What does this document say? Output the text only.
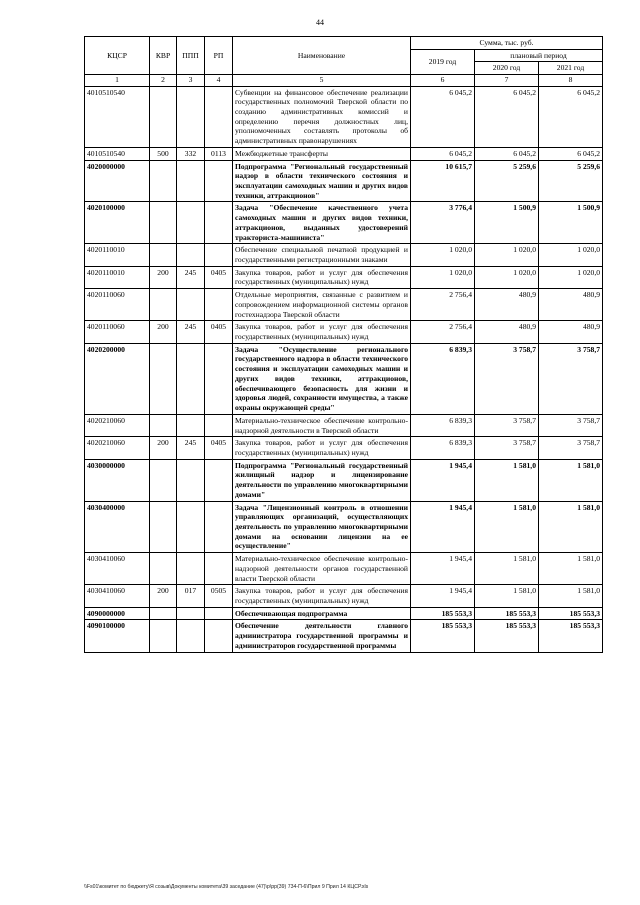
44
КЦСР	КВР	ППП	РП	Наименование	Сумма, тыс. руб.		
					2019 год	плановый период	
						2020 год	2021 год
1	2	3	4	5	6	7	8
4010510540				Субвенции на финансовое обеспечение реализации государственных полномочий Тверской области по созданию административных комиссий и определению перечня должностных лиц, уполномоченных составлять протоколы об административных правонарушениях	6 045,2	6 045,2	6 045,2
4010510540	500	332	0113	Межбюджетные трансферты	6 045,2	6 045,2	6 045,2
4020000000				Подпрограмма "Региональный государственный надзор в области технического состояния и эксплуатации самоходных машин и других видов техники, аттракционов"	10 615,7	5 259,6	5 259,6
4020100000				Задача "Обеспечение качественного учета самоходных машин и других видов техники, аттракционов, выданных удостоверений тракториста-машиниста"	3 776,4	1 500,9	1 500,9
4020110010				Обеспечение специальной печатной продукцией и государственными регистрационными знаками	1 020,0	1 020,0	1 020,0
4020110010	200	245	0405	Закупка товаров, работ и услуг для обеспечения государственных (муниципальных) нужд	1 020,0	1 020,0	1 020,0
4020110060				Отдельные мероприятия, связанные с развитием и сопровождением информационной системы органов гостехнадзора Тверской области	2 756,4	480,9	480,9
4020110060	200	245	0405	Закупка товаров, работ и услуг для обеспечения государственных (муниципальных) нужд	2 756,4	480,9	480,9
4020200000				Задача "Осуществление регионального государственного надзора в области технического состояния и эксплуатации самоходных машин и других видов техники, аттракционов, обеспечивающего безопасность для жизни и здоровья людей, сохранности имущества, а также охраны окружающей среды"	6 839,3	3 758,7	3 758,7
4020210060				Материально-техническое обеспечение контрольно-надзорной деятельности в Тверской области	6 839,3	3 758,7	3 758,7
4020210060	200	245	0405	Закупка товаров, работ и услуг для обеспечения государственных (муниципальных) нужд	6 839,3	3 758,7	3 758,7
4030000000				Подпрограмма "Региональный государственный жилищный надзор и лицензирование деятельности по управлению многоквартирными домами"	1 945,4	1 581,0	1 581,0
4030400000				Задача "Лицензионный контроль в отношении управляющих организаций, осуществляющих деятельность по управлению многоквартирными домами на основании лицензии на ее осуществление"	1 945,4	1 581,0	1 581,0
4030410060				Материально-техническое обеспечение контрольно-надзорной деятельности органов государственной власти Тверской области	1 945,4	1 581,0	1 581,0
4030410060	200	017	0505	Закупка товаров, работ и услуг для обеспечения государственных (муниципальных) нужд	1 945,4	1 581,0	1 581,0
4090000000				Обеспечивающая подпрограмма	185 553,3	185 553,3	185 553,3
4090100000				Обеспечение деятельности главного администратора государственной программы и администраторов государственной программы	185 553,3	185 553,3	185 553,3
\\Fs01\комитет по бюджету\Я созыв\Документы комитета\39 заседание (47)\р\рр(39) 734-П-6\Прил 9 Прил 14 КЦСР.xls
